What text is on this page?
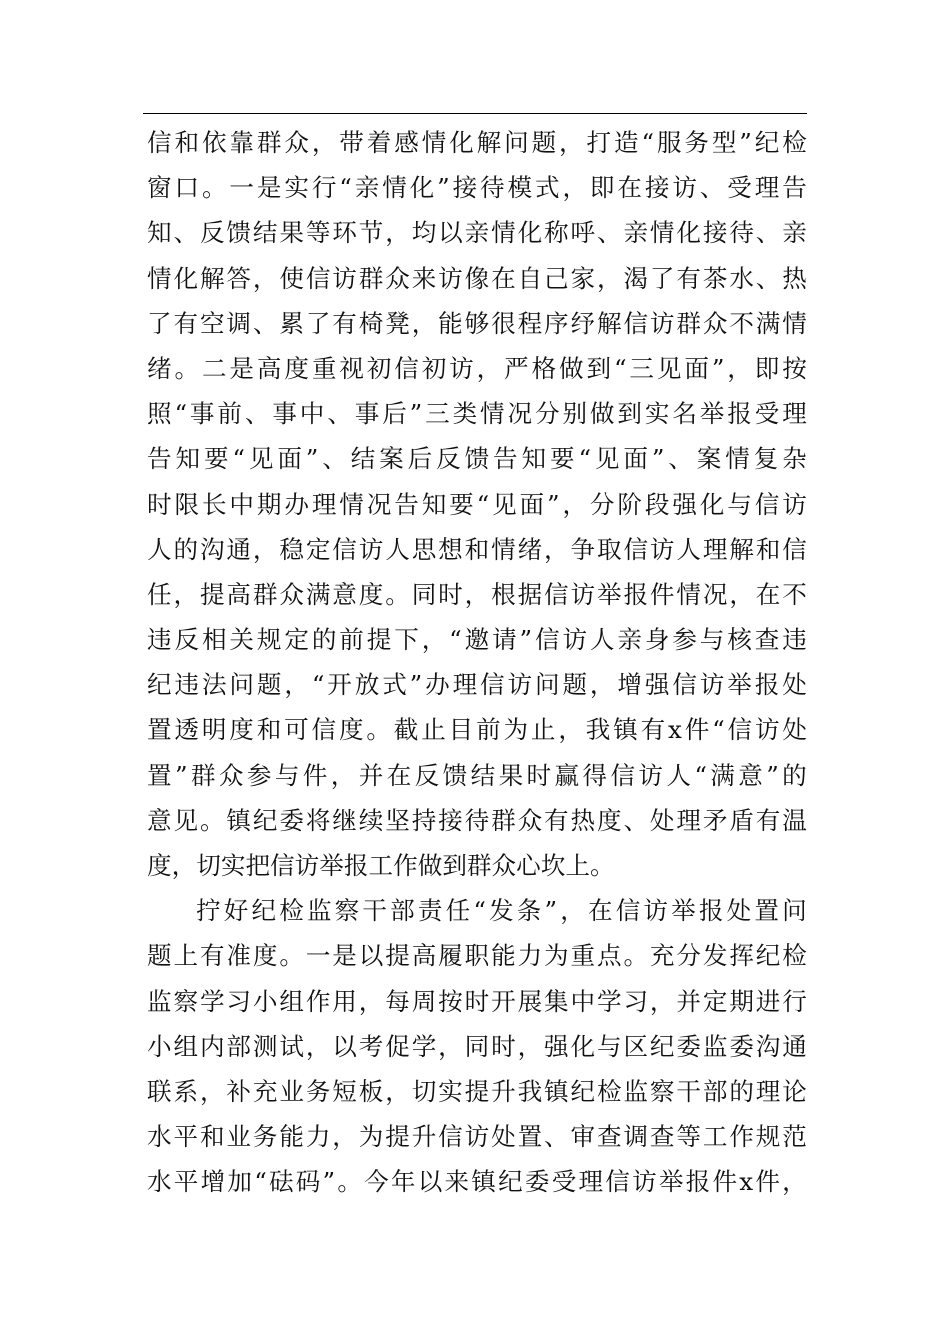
信 和 依 靠 群 众 ， 带 着 感 情 化 解 问 题 ， 打 造 “ 服 务 型 ” 纪 检
窗 口 。 一 是 实 行 “ 亲 情 化 ” 接 待 模 式 ， 即 在 接 访 、 受 理 告
知 、 反 馈 结 果 等 环 节 ， 均 以 亲 情 化 称 呼 、 亲 情 化 接 待 、 亲
情 化 解 答 ， 使 信 访 群 众 来 访 像 在 自 己 家 ， 渴 了 有 茶 水 、 热
了 有 空 调 、 累 了 有 椅 凳 ， 能 够 很 程 序 纾 解 信 访 群 众 不 满 情
绪 。 二 是 高 度 重 视 初 信 初 访 ， 严 格 做 到 “ 三 见 面 ” ， 即 按
照 “ 事 前 、 事 中 、 事 后 ” 三 类 情 况 分 别 做 到 实 名 举 报 受 理
告 知 要 “ 见 面 ” 、 结 案 后 反 馈 告 知 要 “ 见 面 ” 、 案 情 复 杂
时 限 长 中 期 办 理 情 况 告 知 要 “ 见 面 ” ， 分 阶 段 强 化 与 信 访
人 的 沟 通 ， 稳 定 信 访 人 思 想 和 情 绪 ， 争 取 信 访 人 理 解 和 信
任 ， 提 高 群 众 满 意 度 。 同 时 ， 根 据 信 访 举 报 件 情 况 ， 在 不
违 反 相 关 规 定 的 前 提 下 ， “ 邀 请 ” 信 访 人 亲 身 参 与 核 查 违
纪 违 法 问 题 ， “ 开 放 式 ” 办 理 信 访 问 题 ， 增 强 信 访 举 报 处
置 透 明 度 和 可 信 度 。 截 止 目 前 为 止 ， 我 镇 有 x 件 “ 信 访 处
置 ” 群 众 参 与 件 ， 并 在 反 馈 结 果 时 赢 得 信 访 人 “ 满 意 ” 的
意 见 。 镇 纪 委 将 继 续 坚 持 接 待 群 众 有 热 度 、 处 理 矛 盾 有 温
度 ， 切 实 把 信 访 举 报 工 作 做 到 群 众 心 坎 上 。
拧 好 纪 检 监 察 干 部 责 任 “ 发 条 ” ， 在 信 访 举 报 处 置 问
题 上 有 准 度 。 一 是 以 提 高 履 职 能 力 为 重 点 。 充 分 发 挥 纪 检
监 察 学 习 小 组 作 用 ， 每 周 按 时 开 展 集 中 学 习 ， 并 定 期 进 行
小 组 内 部 测 试 ， 以 考 促 学 ， 同 时 ， 强 化 与 区 纪 委 监 委 沟 通
联 系 ， 补 充 业 务 短 板 ， 切 实 提 升 我 镇 纪 检 监 察 干 部 的 理 论
水 平 和 业 务 能 力 ， 为 提 升 信 访 处 置 、 审 查 调 查 等 工 作 规 范
水 平 增 加 “ 砝 码 ” 。 今 年 以 来 镇 纪 委 受 理 信 访 举 报 件 x 件 ，
